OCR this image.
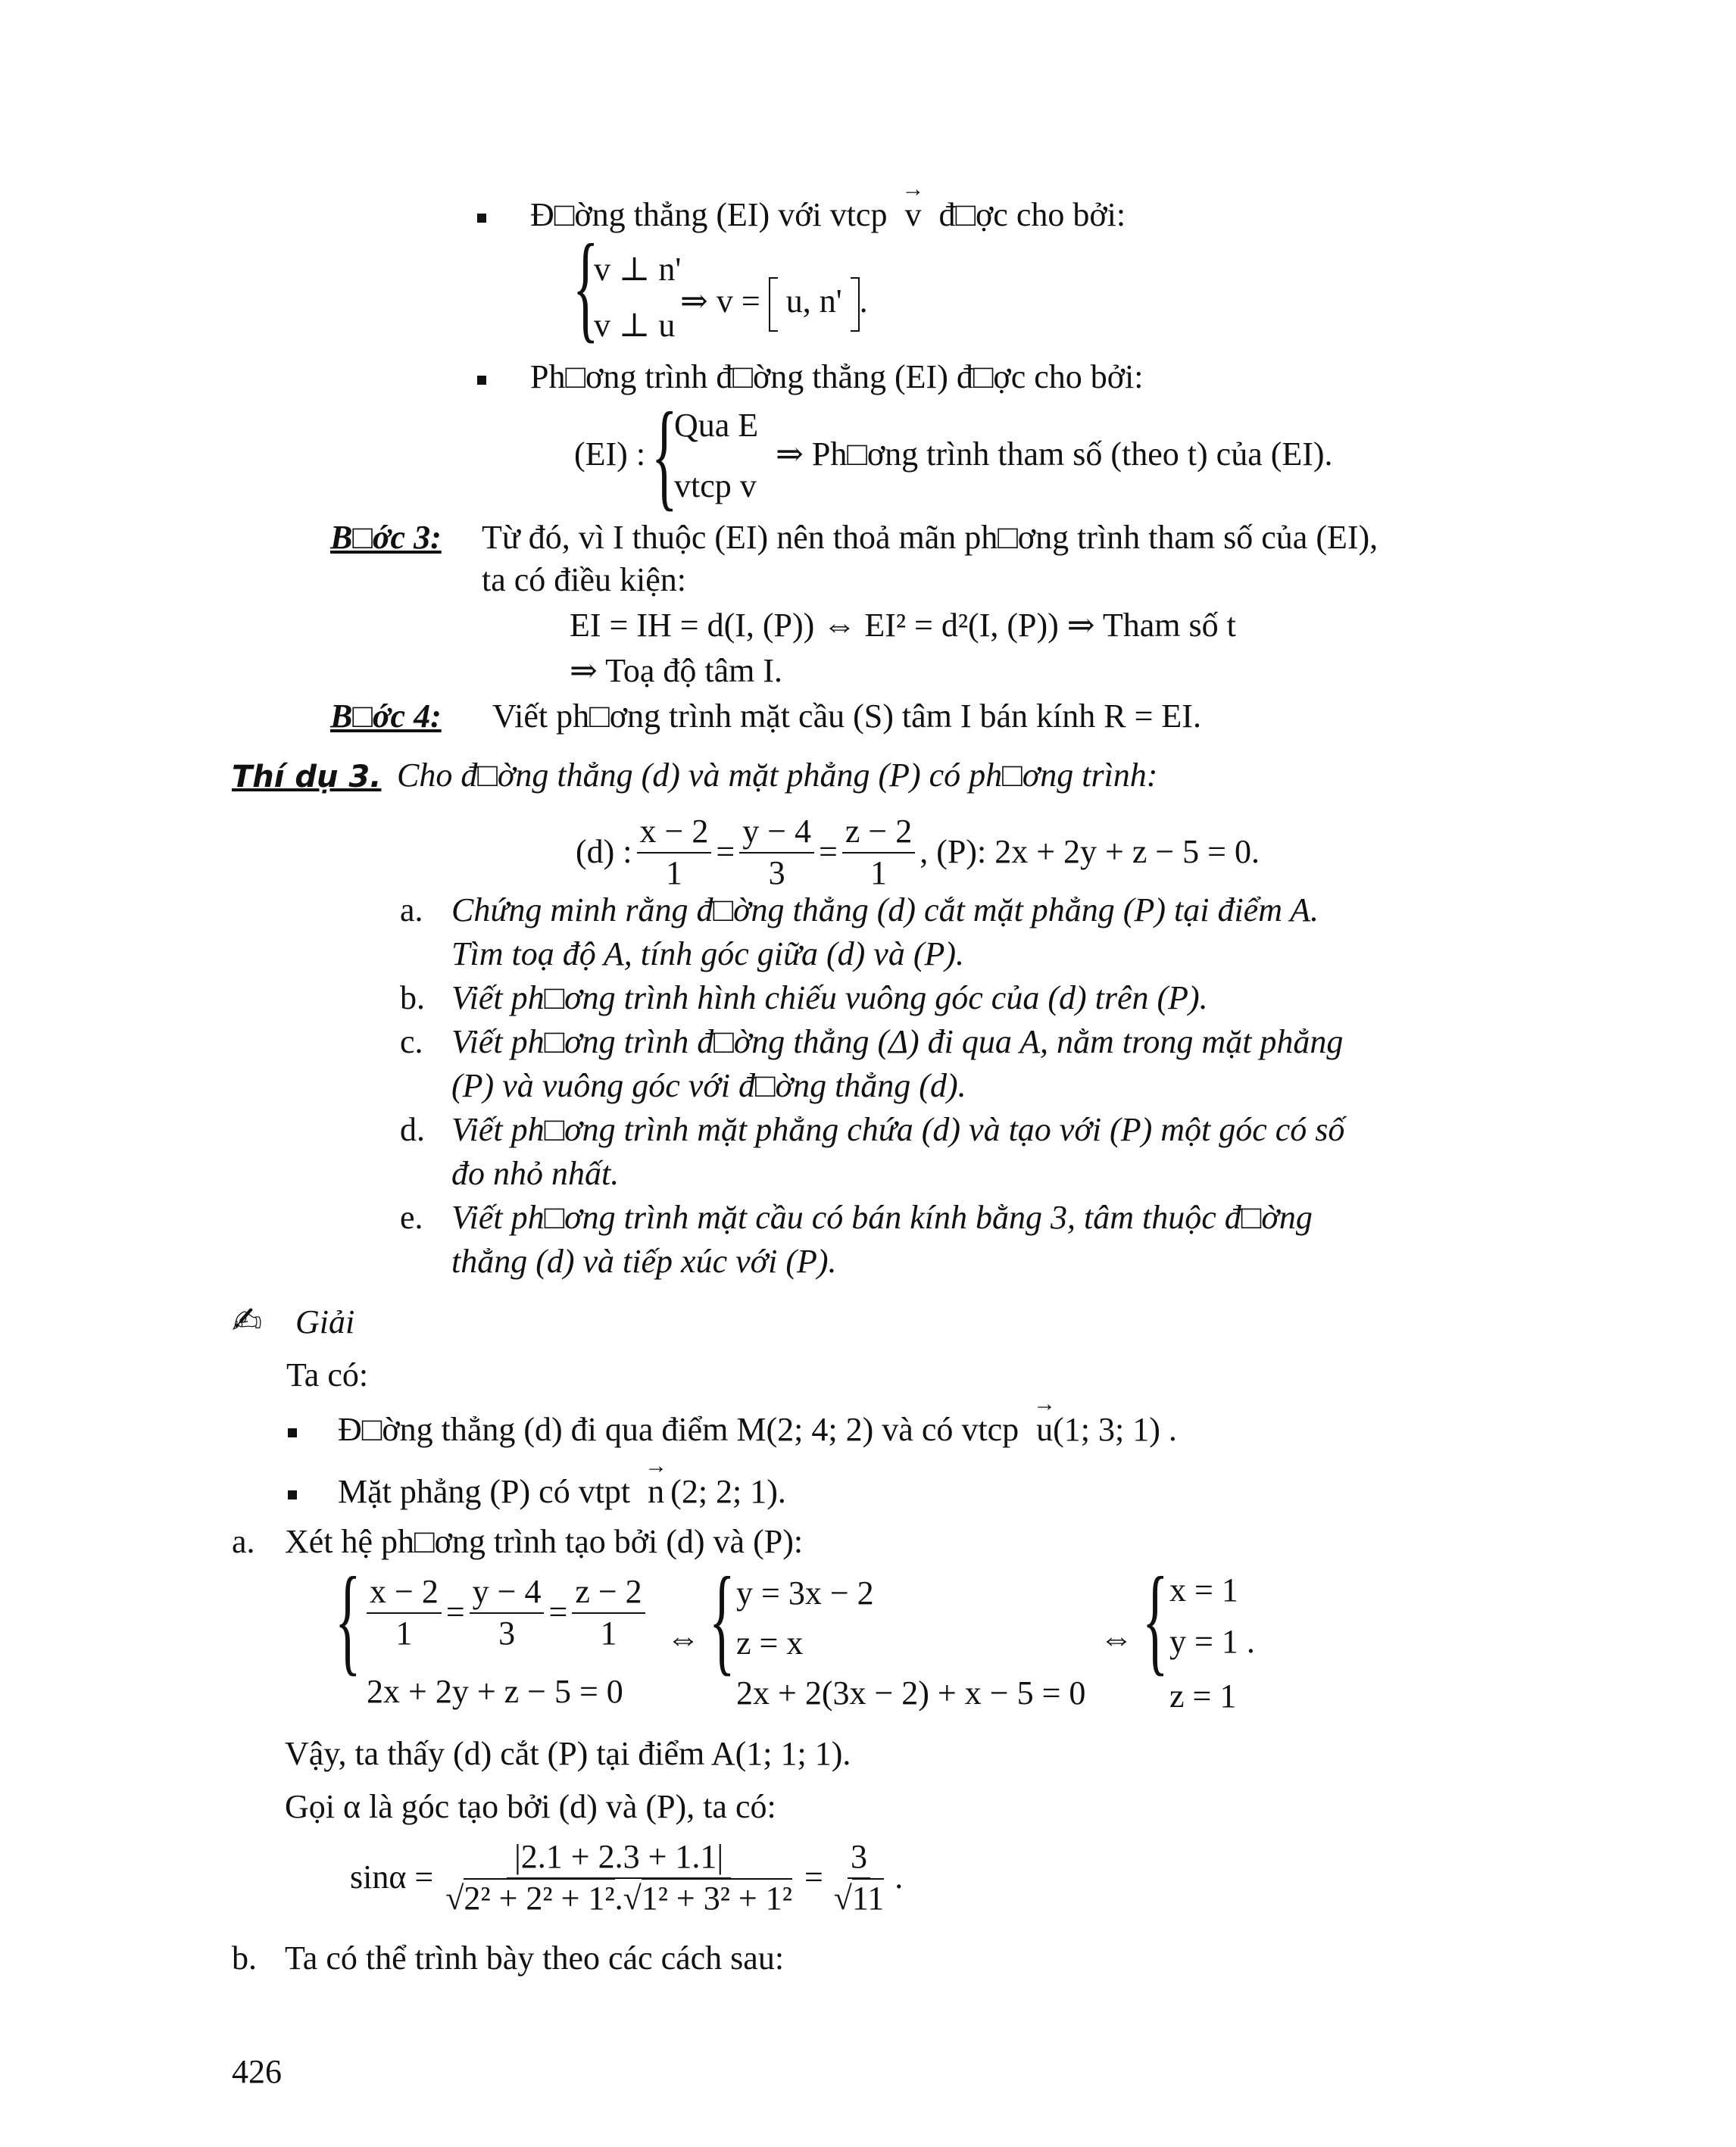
Đ□ờng thẳng (EI) với vtcp → v đ□ợc cho bởi:
{
v ⊥ n'
v ⊥ u
⇒ v =  u, n' .
Ph□ơng trình đ□ờng thẳng (EI) đ□ợc cho bởi:
(EI) : {
Qua E
vtcp v
⇒ Ph□ơng trình tham số (theo t) của (EI).
B□ớc 3: Từ đó, vì I thuộc (EI) nên thoả mãn ph□ơng trình tham số của (EI),
ta có điều kiện:
EI = IH = d(I, (P)) ⇔ EI² = d²(I, (P)) ⇒ Tham số t
⇒ Toạ độ tâm I.
B□ớc 4: Viết ph□ơng trình mặt cầu (S) tâm I bán kính R = EI.
Thí dụ 3. Cho đ□ờng thẳng (d) và mặt phẳng (P) có ph□ơng trình:
(d) : $\frac{x - 2}{1} = \frac{y - 4}{3} = \frac{z - 2}{1}$ , (P): 2x + 2y + z − 5 = 0.
a. Chứng minh rằng đ□ờng thẳng (d) cắt mặt phẳng (P) tại điểm A.
Tìm toạ độ A, tính góc giữa (d) và (P).
b. Viết ph□ơng trình hình chiếu vuông góc của (d) trên (P).
c. Viết ph□ơng trình đ□ờng thẳng (Δ) đi qua A, nằm trong mặt phẳng
(P) và vuông góc với đ□ờng thẳng (d).
d. Viết ph□ơng trình mặt phẳng chứa (d) và tạo với (P) một góc có số
đo nhỏ nhất.
e. Viết ph□ơng trình mặt cầu có bán kính bằng 3, tâm thuộc đ□ờng
thẳng (d) và tiếp xúc với (P).
✍ Giải
Ta có:
Đ□ờng thẳng (d) đi qua điểm M(2; 4; 2) và có vtcp → u(1; 3; 1) .
Mặt phẳng (P) có vtpt → n (2; 2; 1).
a. Xét hệ ph□ơng trình tạo bởi (d) và (P):
{ $\frac{x - 2}{1} = \frac{y - 4}{3} = \frac{z - 2}{1}$
2x + 2y + z − 5 = 0
⇔ { y = 3x − 2
z = x
2x + 2(3x − 2) + x − 5 = 0
⇔ { x = 1
y = 1 .
z = 1
Vậy, ta thấy (d) cắt (P) tại điểm A(1; 1; 1).
Gọi α là góc tạo bởi (d) và (P), ta có:
$\sin\alpha = \frac{|2.1 + 2.3 + 1.1|}{\text{√2² + 2² + 1².√1² + 3² + 1²}} = \frac{3}{√11}$ .
b. Ta có thể trình bày theo các cách sau:
426
